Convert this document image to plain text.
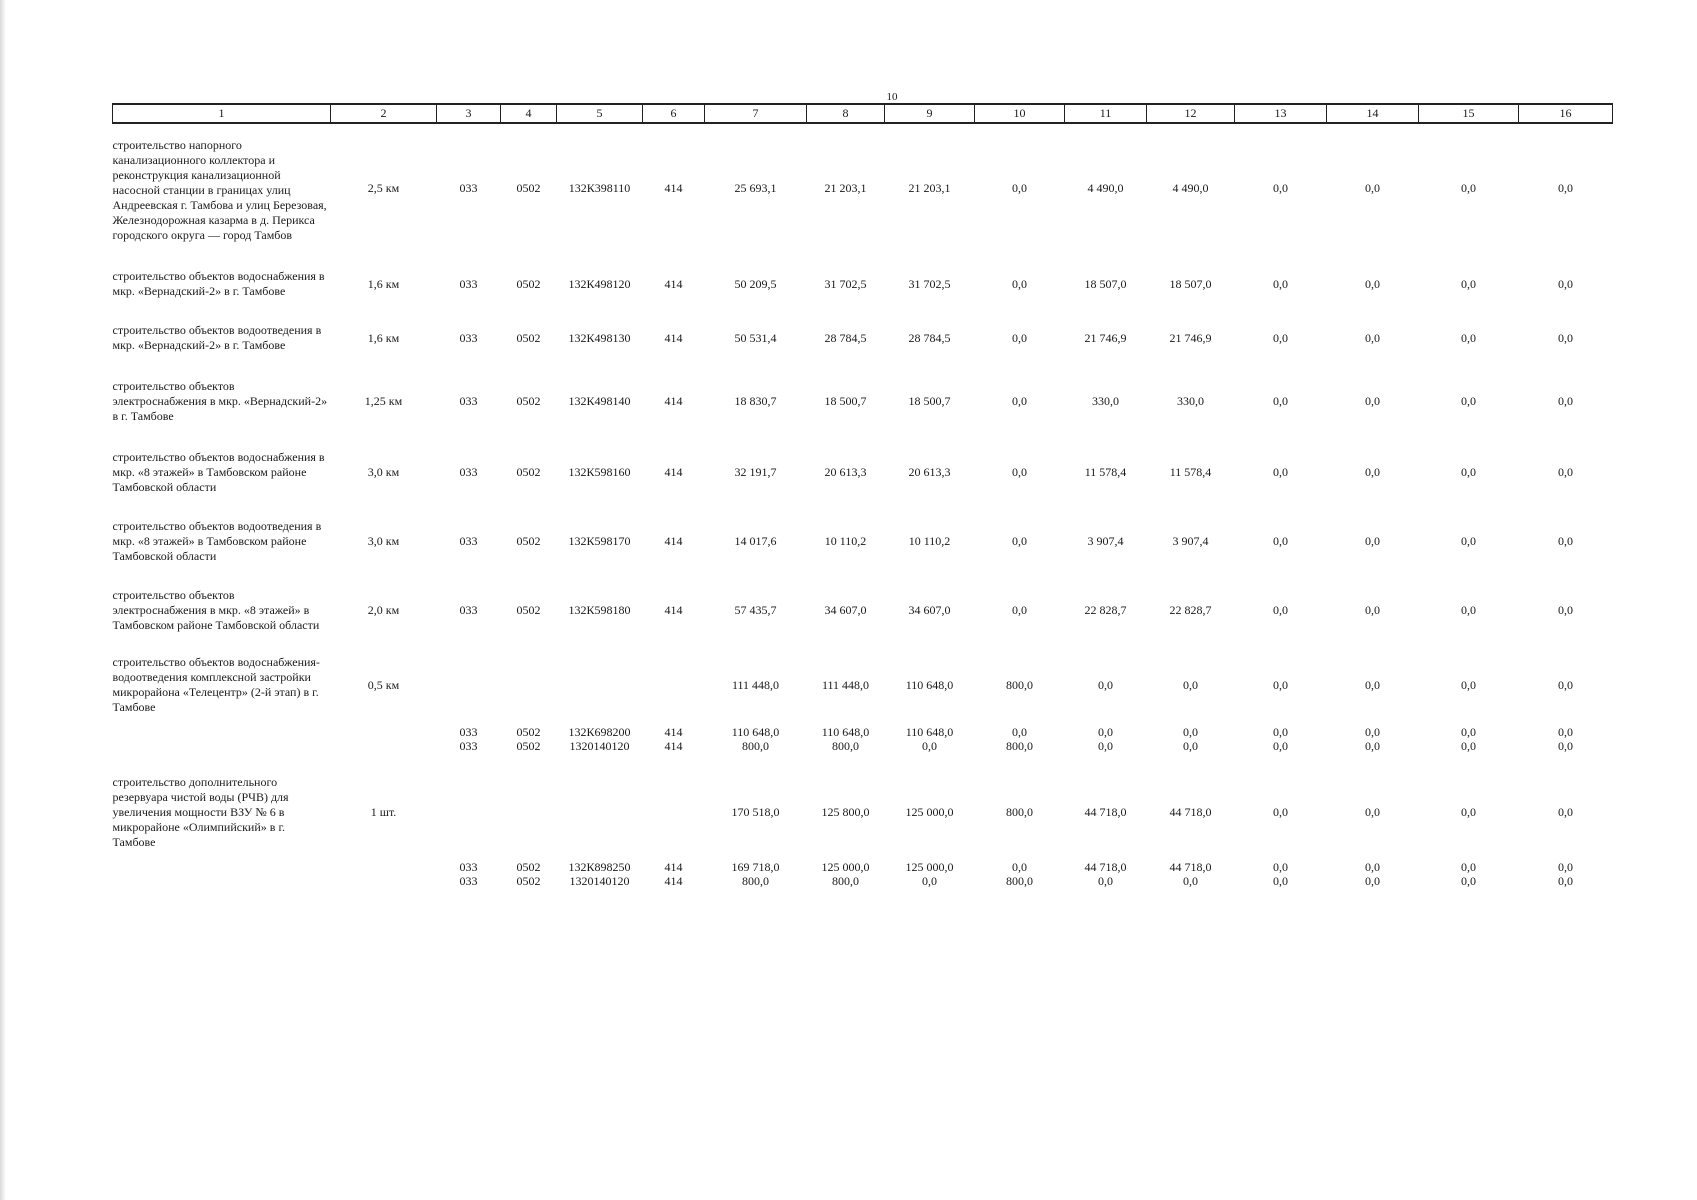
10
1	2	3	4	5	6	7	8	9	10	11	12	13	14	15	16

строительство напорного канализационного коллектора и реконструкция канализационной насосной станции в границах улиц Андреевская г. Тамбова и улиц Березовая, Железнодорожная казарма в д. Перикса городского округа — город Тамбов	2,5 км	033	0502	132К398110	414	25 693,1	21 203,1	21 203,1	0,0	4 490,0	4 490,0	0,0	0,0	0,0	0,0

строительство объектов водоснабжения в мкр. «Вернадский-2» в г. Тамбове	1,6 км	033	0502	132К498120	414	50 209,5	31 702,5	31 702,5	0,0	18 507,0	18 507,0	0,0	0,0	0,0	0,0

строительство объектов водоотведения в мкр. «Вернадский-2» в г. Тамбове	1,6 км	033	0502	132К498130	414	50 531,4	28 784,5	28 784,5	0,0	21 746,9	21 746,9	0,0	0,0	0,0	0,0

строительство объектов электроснабжения в мкр. «Вернадский-2» в г. Тамбове	1,25 км	033	0502	132К498140	414	18 830,7	18 500,7	18 500,7	0,0	330,0	330,0	0,0	0,0	0,0	0,0

строительство объектов водоснабжения в мкр. «8 этажей» в Тамбовском районе Тамбовской области	3,0 км	033	0502	132К598160	414	32 191,7	20 613,3	20 613,3	0,0	11 578,4	11 578,4	0,0	0,0	0,0	0,0

строительство объектов водоотведения в мкр. «8 этажей» в Тамбовском районе Тамбовской области	3,0 км	033	0502	132К598170	414	14 017,6	10 110,2	10 110,2	0,0	3 907,4	3 907,4	0,0	0,0	0,0	0,0

строительство объектов электроснабжения в мкр. «8 этажей» в Тамбовском районе Тамбовской области	2,0 км	033	0502	132К598180	414	57 435,7	34 607,0	34 607,0	0,0	22 828,7	22 828,7	0,0	0,0	0,0	0,0

строительство объектов водоснабжения-водоотведения комплексной застройки микрорайона «Телецентр» (2-й этап) в г. Тамбове	0,5 км					111 448,0	111 448,0	110 648,0	800,0	0,0	0,0	0,0	0,0	0,0	0,0
		033	0502	132К698200	414	110 648,0	110 648,0	110 648,0	0,0	0,0	0,0	0,0	0,0	0,0	0,0
		033	0502	1320140120	414	800,0	800,0	0,0	800,0	0,0	0,0	0,0	0,0	0,0	0,0

строительство дополнительного резервуара чистой воды (РЧВ) для увеличения мощности ВЗУ № 6 в микрорайоне «Олимпийский» в г. Тамбове	1 шт.					170 518,0	125 800,0	125 000,0	800,0	44 718,0	44 718,0	0,0	0,0	0,0	0,0
		033	0502	132К898250	414	169 718,0	125 000,0	125 000,0	0,0	44 718,0	44 718,0	0,0	0,0	0,0	0,0
		033	0502	1320140120	414	800,0	800,0	0,0	800,0	0,0	0,0	0,0	0,0	0,0	0,0
